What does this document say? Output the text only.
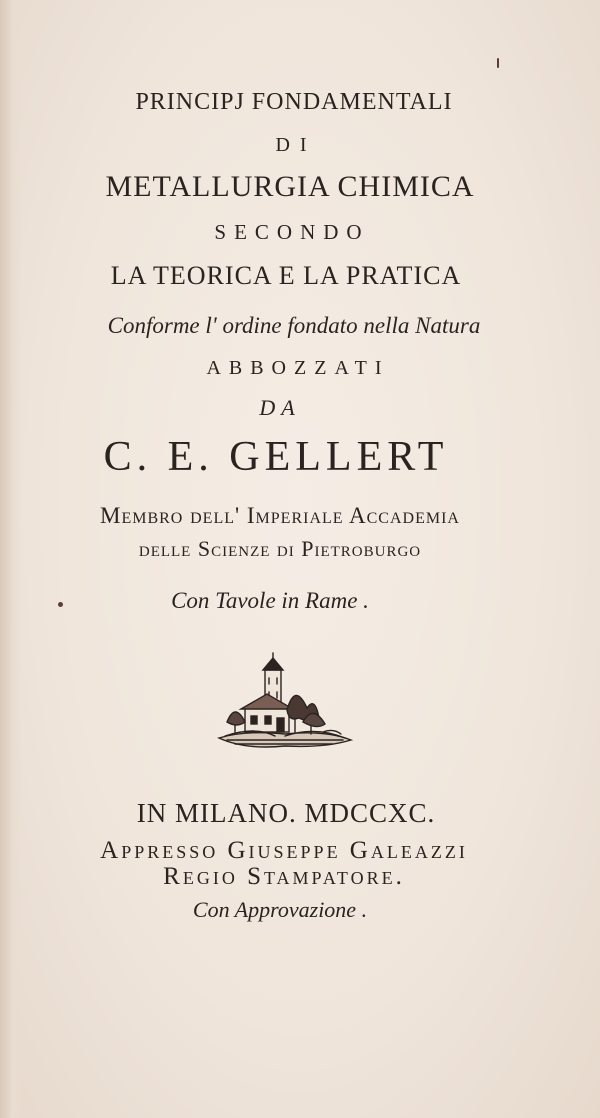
PRINCIPJ FONDAMENTALI
DI
METALLURGIA CHIMICA
SECONDO
LA TEORICA E LA PRATICA
Conforme l' ordine fondato nella Natura
ABBOZZATI
DA
C. E. GELLERT
Membro dell' Imperiale Accademia
delle Scienze di Pietroburgo
Con Tavole in Rame .
IN MILANO. MDCCXC.
Appresso Giuseppe Galeazzi
Regio Stampatore.
Con Approvazione .
